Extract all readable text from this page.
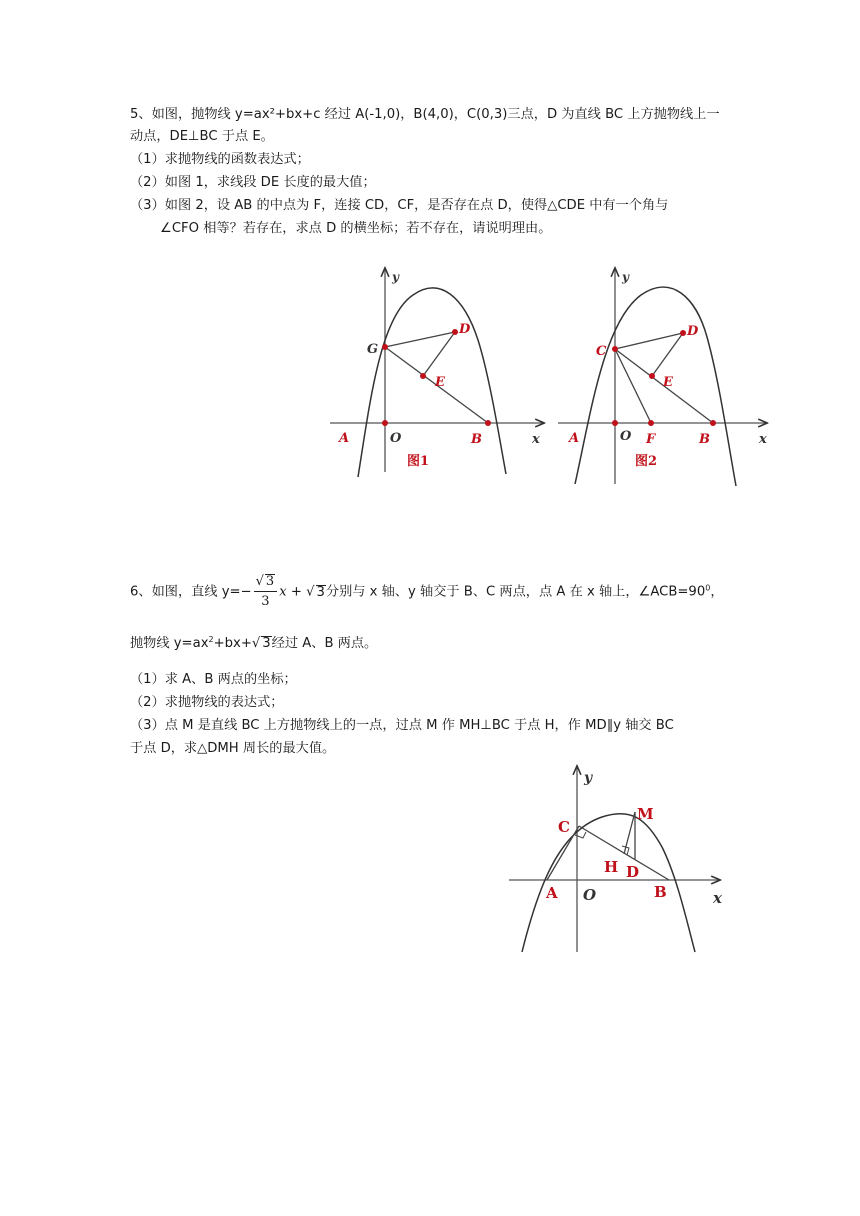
5、如图，抛物线 y=ax²+bx+c 经过 A(-1,0)，B(4,0)，C(0,3)三点，D 为直线 BC 上方抛物线上一
动点，DE⊥BC 于点 E。
（1）求抛物线的函数表达式；
（2）如图 1，求线段 DE 长度的最大值；
（3）如图 2，设 AB 的中点为 F，连接 CD，CF，是否存在点 D，使得△CDE 中有一个角与
∠CFO 相等？若存在，求点 D 的横坐标；若不存在，请说明理由。
y
x
G
D
E
A	O	B
图1
y
x
C
D
E
A	O F	B
图2
6、如图，直线 $y=- \frac{√ 3}{3}$ x + √ 3分别与 x 轴、y 轴交于 B、C 两点，点 A 在 x 轴上，$\angle ACB=90^0$，
抛物线 $y=ax^2+bx+√$ 3经过 A、B 两点。
（1）求 A、B 两点的坐标；
（2）求抛物线的表达式；
（3）点 M 是直线 BC 上方抛物线上的一点，过点 M 作 MH⊥BC 于点 H，作 MD∥y 轴交 BC
于点 D，求△DMH 周长的最大值。
y
x
C
M
H D
A O	B
